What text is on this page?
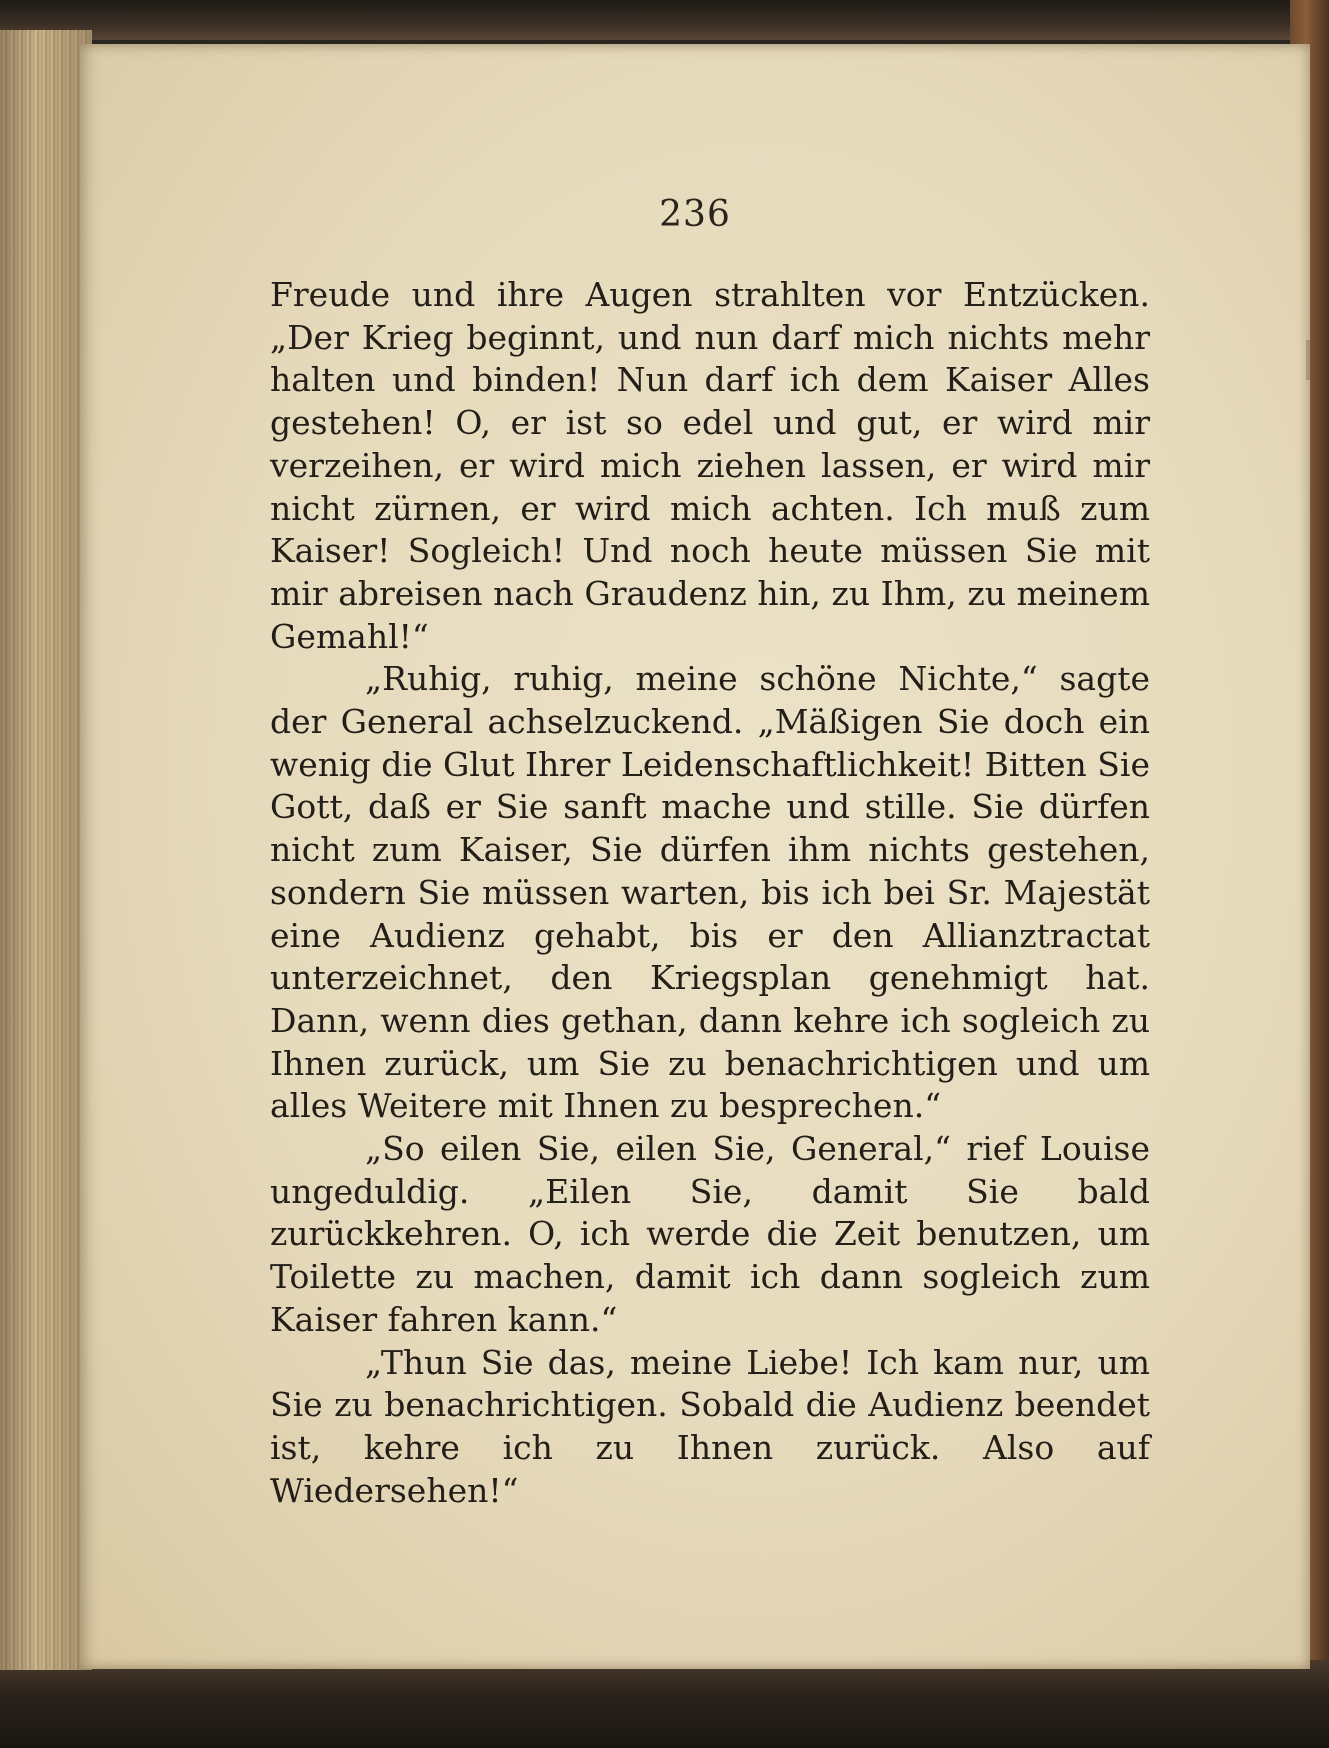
236

Freude und ihre Augen strahlten vor Entzücken. „Der Krieg beginnt, und nun darf mich nichts mehr halten und binden! Nun darf ich dem Kaiser Alles gestehen! O, er ist so edel und gut, er wird mir verzeihen, er wird mich ziehen lassen, er wird mir nicht zürnen, er wird mich achten. Ich muß zum Kaiser! Sogleich! Und noch heute müssen Sie mit mir abreisen nach Graudenz hin, zu Ihm, zu meinem Gemahl!“

„Ruhig, ruhig, meine schöne Nichte,“ sagte der General achselzuckend. „Mäßigen Sie doch ein wenig die Glut Ihrer Leidenschaftlichkeit! Bitten Sie Gott, daß er Sie sanft mache und stille. Sie dürfen nicht zum Kaiser, Sie dürfen ihm nichts gestehen, sondern Sie müssen warten, bis ich bei Sr. Majestät eine Audienz gehabt, bis er den Allianztractat unterzeichnet, den Kriegsplan genehmigt hat. Dann, wenn dies gethan, dann kehre ich sogleich zu Ihnen zurück, um Sie zu benachrichtigen und um alles Weitere mit Ihnen zu besprechen.“

„So eilen Sie, eilen Sie, General,“ rief Louise ungeduldig. „Eilen Sie, damit Sie bald zurückkehren. O, ich werde die Zeit benutzen, um Toilette zu machen, damit ich dann sogleich zum Kaiser fahren kann.“

„Thun Sie das, meine Liebe! Ich kam nur, um Sie zu benachrichtigen. Sobald die Audienz beendet ist, kehre ich zu Ihnen zurück. Also auf Wiedersehen!“
